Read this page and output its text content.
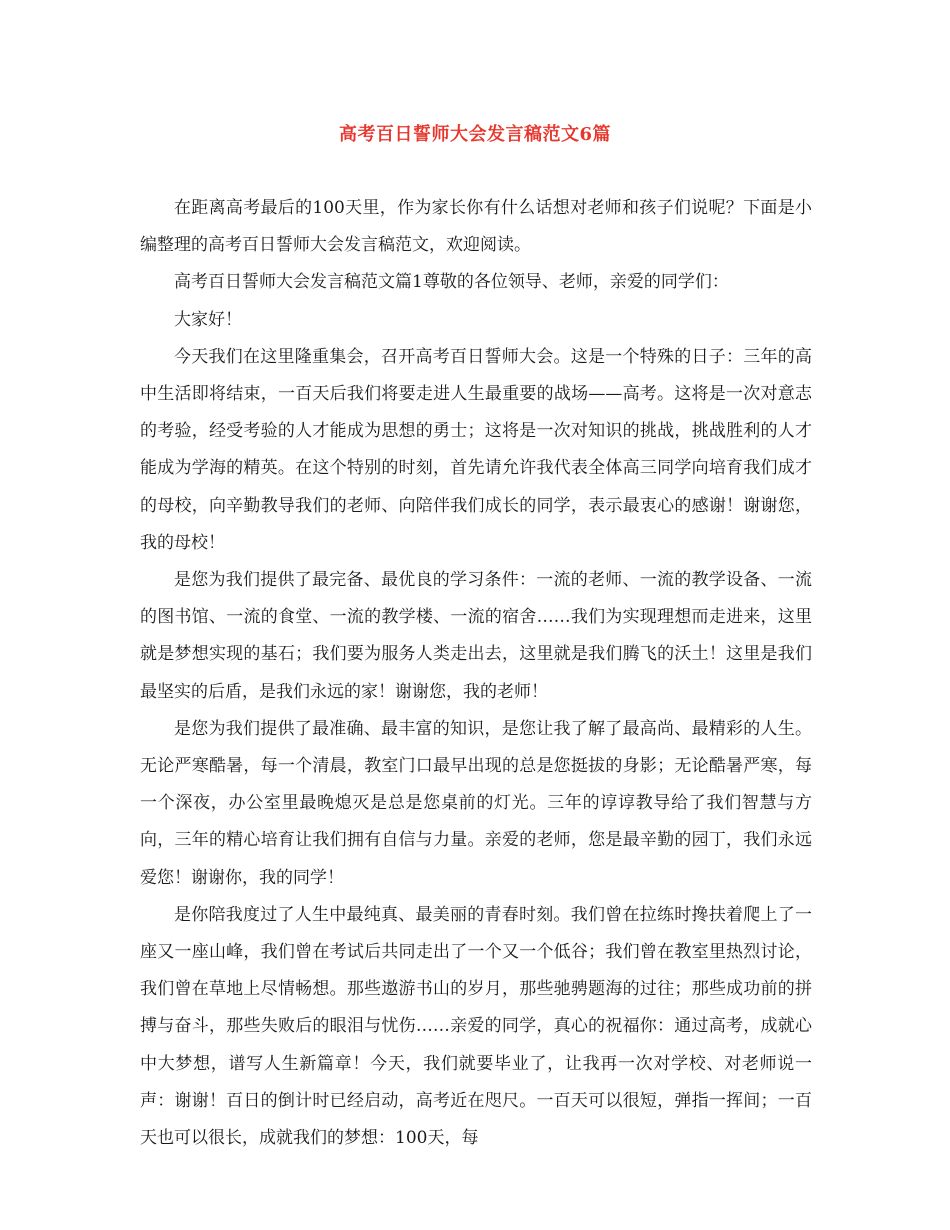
高考百日誓师大会发言稿范文6篇

在距离高考最后的100天里，作为家长你有什么话想对老师和孩子们说呢？下面是小编整理的高考百日誓师大会发言稿范文，欢迎阅读。

高考百日誓师大会发言稿范文篇1尊敬的各位领导、老师，亲爱的同学们：

大家好！

今天我们在这里隆重集会，召开高考百日誓师大会。这是一个特殊的日子：三年的高中生活即将结束，一百天后我们将要走进人生最重要的战场——高考。这将是一次对意志的考验，经受考验的人才能成为思想的勇士；这将是一次对知识的挑战，挑战胜利的人才能成为学海的精英。在这个特别的时刻，首先请允许我代表全体高三同学向培育我们成才的母校，向辛勤教导我们的老师、向陪伴我们成长的同学，表示最衷心的感谢！谢谢您，我的母校！

是您为我们提供了最完备、最优良的学习条件：一流的老师、一流的教学设备、一流的图书馆、一流的食堂、一流的教学楼、一流的宿舍……我们为实现理想而走进来，这里就是梦想实现的基石；我们要为服务人类走出去，这里就是我们腾飞的沃土！这里是我们最坚实的后盾，是我们永远的家！谢谢您，我的老师！

是您为我们提供了最准确、最丰富的知识，是您让我了解了最高尚、最精彩的人生。无论严寒酷暑，每一个清晨，教室门口最早出现的总是您挺拔的身影；无论酷暑严寒，每一个深夜，办公室里最晚熄灭是总是您桌前的灯光。三年的谆谆教导给了我们智慧与方向，三年的精心培育让我们拥有自信与力量。亲爱的老师，您是最辛勤的园丁，我们永远爱您！谢谢你，我的同学！

是你陪我度过了人生中最纯真、最美丽的青春时刻。我们曾在拉练时搀扶着爬上了一座又一座山峰，我们曾在考试后共同走出了一个又一个低谷；我们曾在教室里热烈讨论，我们曾在草地上尽情畅想。那些遨游书山的岁月，那些驰骋题海的过往；那些成功前的拼搏与奋斗，那些失败后的眼泪与忧伤……亲爱的同学，真心的祝福你：通过高考，成就心中大梦想，谱写人生新篇章！今天，我们就要毕业了，让我再一次对学校、对老师说一声：谢谢！百日的倒计时已经启动，高考近在咫尺。一百天可以很短，弹指一挥间；一百天也可以很长，成就我们的梦想：100天，每
